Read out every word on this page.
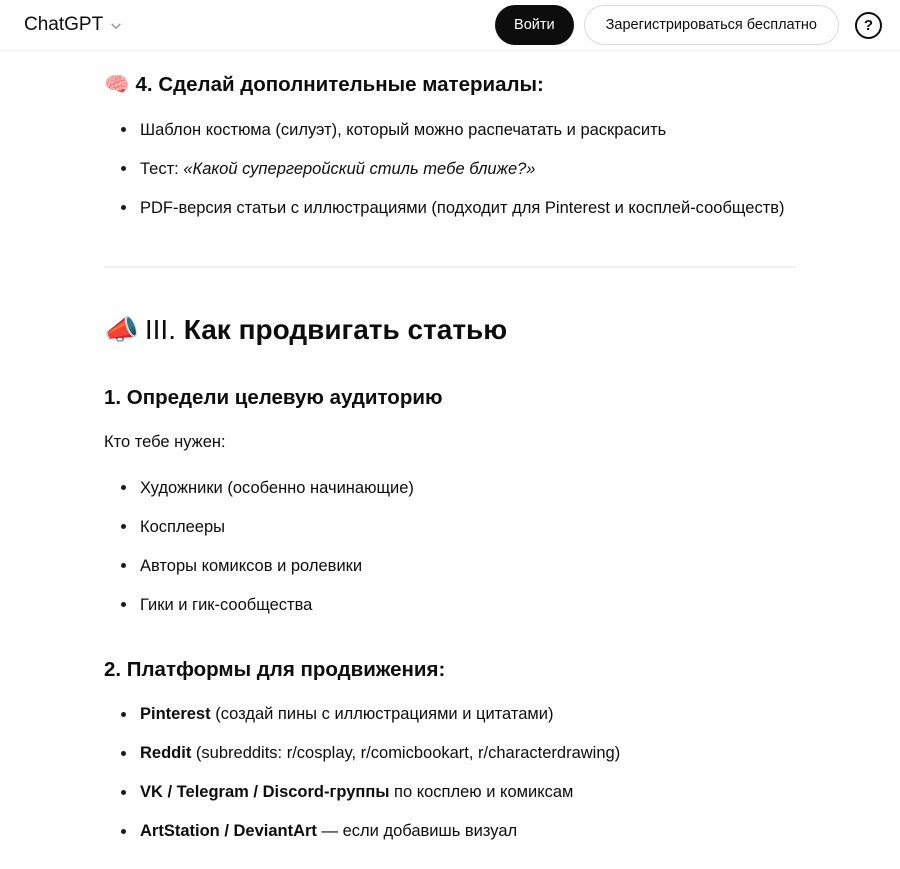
ChatGPT	Войти	Зарегистрироваться бесплатно	?
🧠 4. Сделай дополнительные материалы:
Шаблон костюма (силуэт), который можно распечатать и раскрасить
Тест: «Какой супергеройский стиль тебе ближе?»
PDF-версия статьи с иллюстрациями (подходит для Pinterest и косплей-сообществ)
📣 III. Как продвигать статью
1. Определи целевую аудиторию

Кто тебе нужен:

Художники (особенно начинающие)
Косплееры
Авторы комиксов и ролевики
Гики и гик-сообщества
2. Платформы для продвижения:
Pinterest (создай пины с иллюстрациями и цитатами)
Reddit (subreddits: r/cosplay, r/comicbookart, r/characterdrawing)
VK / Telegram / Discord-группы по косплею и комиксам
ArtStation / DeviantArt — если добавишь визуал
